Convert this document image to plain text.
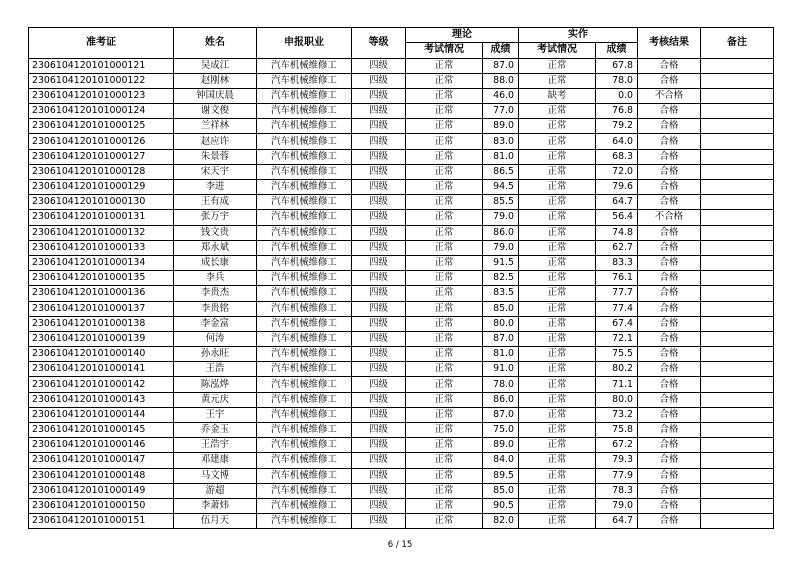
准考证	姓名	申报职业	等级	理论		实作		考核结果	备注
				考试情况	成绩	考试情况	成绩		
2306104120101000121	吴成江	汽车机械维修工	四级	正常	87.0	正常	67.8	合格	
2306104120101000122	赵刚林	汽车机械维修工	四级	正常	88.0	正常	78.0	合格	
2306104120101000123	钟国庆晨	汽车机械维修工	四级	正常	46.0	缺考	0.0	不合格	
2306104120101000124	谢文俊	汽车机械维修工	四级	正常	77.0	正常	76.8	合格	
2306104120101000125	兰祥林	汽车机械维修工	四级	正常	89.0	正常	79.2	合格	
2306104120101000126	赵应许	汽车机械维修工	四级	正常	83.0	正常	64.0	合格	
2306104120101000127	朱景蓉	汽车机械维修工	四级	正常	81.0	正常	68.3	合格	
2306104120101000128	宋天宇	汽车机械维修工	四级	正常	86.5	正常	72.0	合格	
2306104120101000129	李进	汽车机械维修工	四级	正常	94.5	正常	79.6	合格	
2306104120101000130	王有成	汽车机械维修工	四级	正常	85.5	正常	64.7	合格	
2306104120101000131	张万宇	汽车机械维修工	四级	正常	79.0	正常	56.4	不合格	
2306104120101000132	钱文贵	汽车机械维修工	四级	正常	86.0	正常	74.8	合格	
2306104120101000133	郑永斌	汽车机械维修工	四级	正常	79.0	正常	62.7	合格	
2306104120101000134	成长康	汽车机械维修工	四级	正常	91.5	正常	83.3	合格	
2306104120101000135	李兵	汽车机械维修工	四级	正常	82.5	正常	76.1	合格	
2306104120101000136	李贵杰	汽车机械维修工	四级	正常	83.5	正常	77.7	合格	
2306104120101000137	李贵铭	汽车机械维修工	四级	正常	85.0	正常	77.4	合格	
2306104120101000138	李金富	汽车机械维修工	四级	正常	80.0	正常	67.4	合格	
2306104120101000139	何涛	汽车机械维修工	四级	正常	87.0	正常	72.1	合格	
2306104120101000140	孙永旺	汽车机械维修工	四级	正常	81.0	正常	75.5	合格	
2306104120101000141	王浩	汽车机械维修工	四级	正常	91.0	正常	80.2	合格	
2306104120101000142	陈泓烨	汽车机械维修工	四级	正常	78.0	正常	71.1	合格	
2306104120101000143	黄元庆	汽车机械维修工	四级	正常	86.0	正常	80.0	合格	
2306104120101000144	王宇	汽车机械维修工	四级	正常	87.0	正常	73.2	合格	
2306104120101000145	乔金玉	汽车机械维修工	四级	正常	75.0	正常	75.8	合格	
2306104120101000146	王浩宇	汽车机械维修工	四级	正常	89.0	正常	67.2	合格	
2306104120101000147	邓建康	汽车机械维修工	四级	正常	84.0	正常	79.3	合格	
2306104120101000148	马文博	汽车机械维修工	四级	正常	89.5	正常	77.9	合格	
2306104120101000149	游超	汽车机械维修工	四级	正常	85.0	正常	78.3	合格	
2306104120101000150	李萧炜	汽车机械维修工	四级	正常	90.5	正常	79.0	合格	
2306104120101000151	伍月天	汽车机械维修工	四级	正常	82.0	正常	64.7	合格	
6 / 15
